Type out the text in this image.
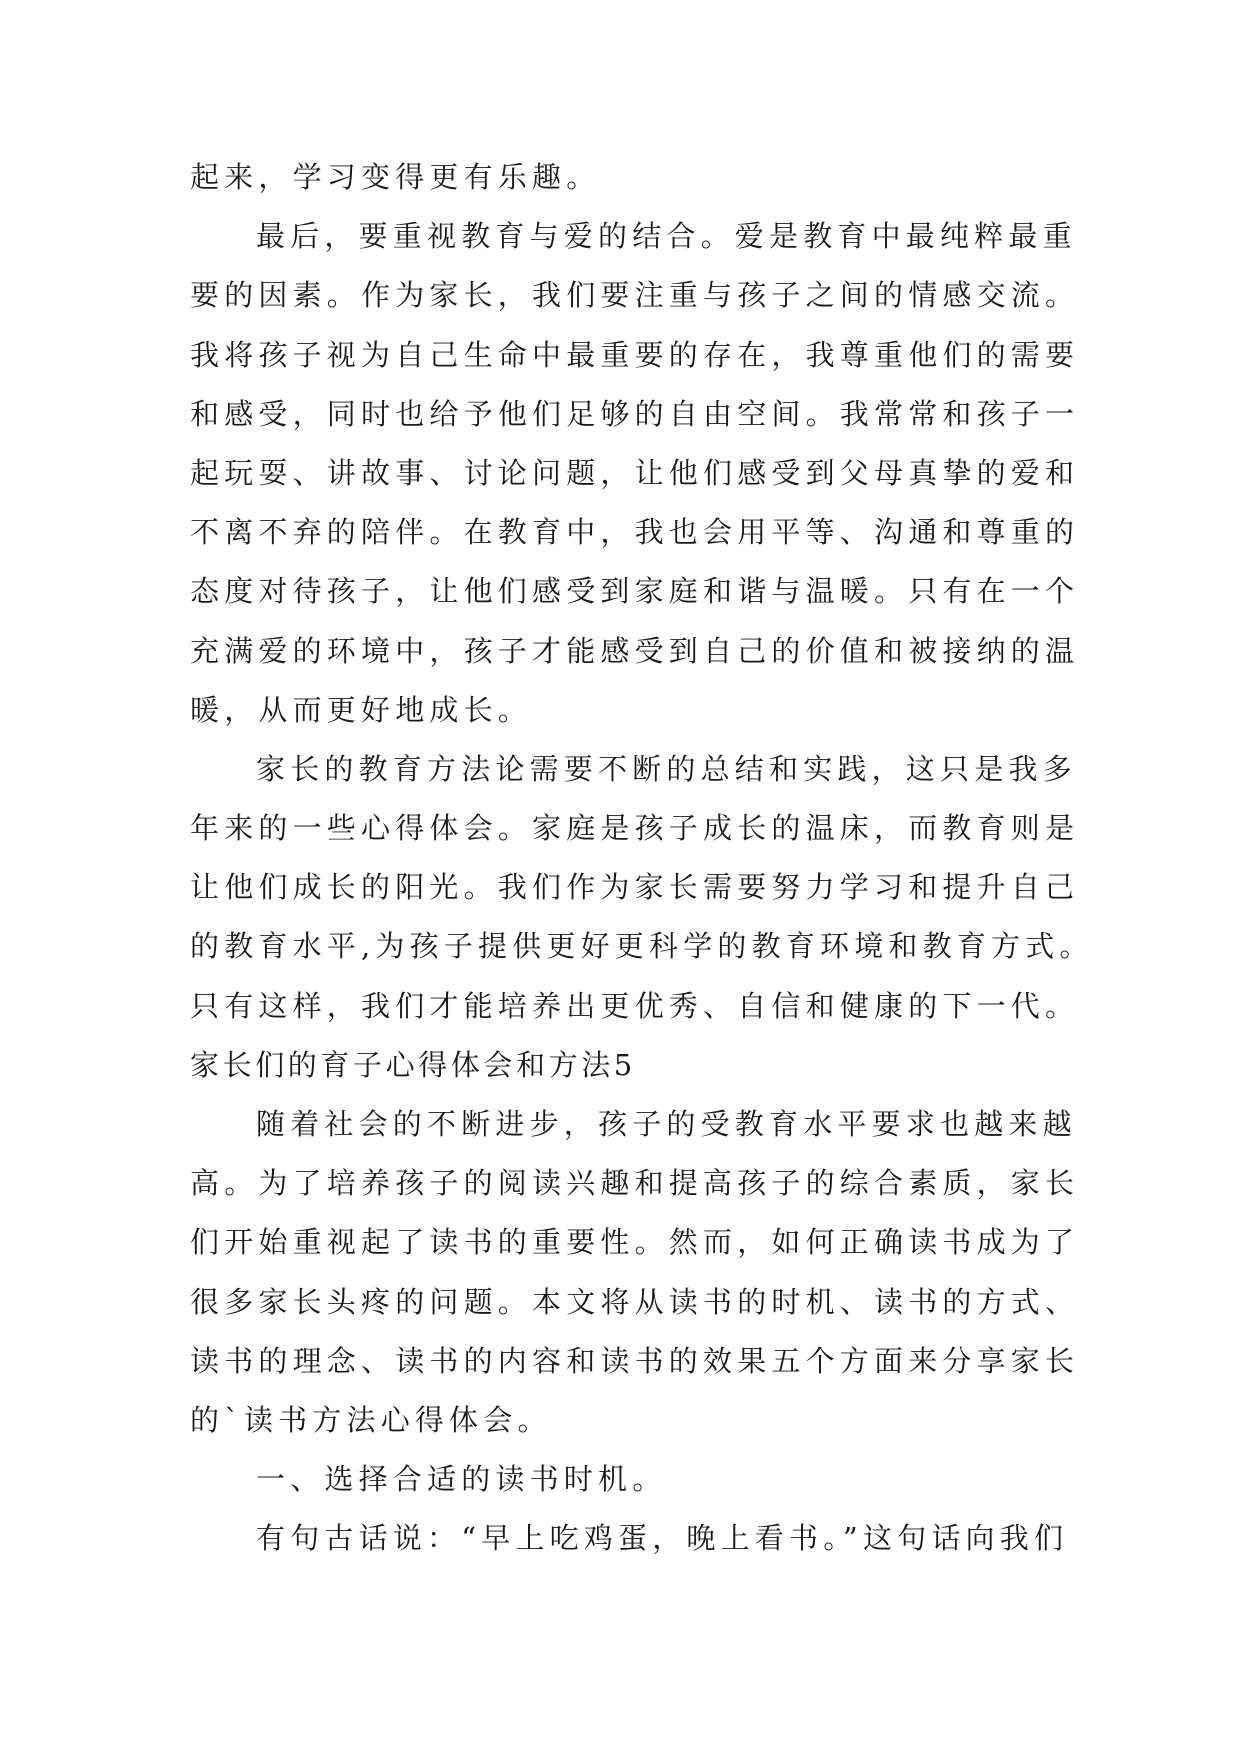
起来，学习变得更有乐趣。
最后，要重视教育与爱的结合。爱是教育中最纯粹最重
要的因素。作为家长，我们要注重与孩子之间的情感交流。
我将孩子视为自己生命中最重要的存在，我尊重他们的需要
和感受，同时也给予他们足够的自由空间。我常常和孩子一
起玩耍、讲故事、讨论问题，让他们感受到父母真挚的爱和
不离不弃的陪伴。在教育中，我也会用平等、沟通和尊重的
态度对待孩子，让他们感受到家庭和谐与温暖。只有在一个
充满爱的环境中，孩子才能感受到自己的价值和被接纳的温
暖，从而更好地成长。
家长的教育方法论需要不断的总结和实践，这只是我多
年来的一些心得体会。家庭是孩子成长的温床，而教育则是
让他们成长的阳光。我们作为家长需要努力学习和提升自己
的教育水平,为孩子提供更好更科学的教育环境和教育方式。
只有这样，我们才能培养出更优秀、自信和健康的下一代。
家长们的育子心得体会和方法5
随着社会的不断进步，孩子的受教育水平要求也越来越
高。为了培养孩子的阅读兴趣和提高孩子的综合素质，家长
们开始重视起了读书的重要性。然而，如何正确读书成为了
很多家长头疼的问题。本文将从读书的时机、读书的方式、
读书的理念、读书的内容和读书的效果五个方面来分享家长
的`读书方法心得体会。
一、选择合适的读书时机。
有句古话说：“早上吃鸡蛋，晚上看书。”这句话向我们
